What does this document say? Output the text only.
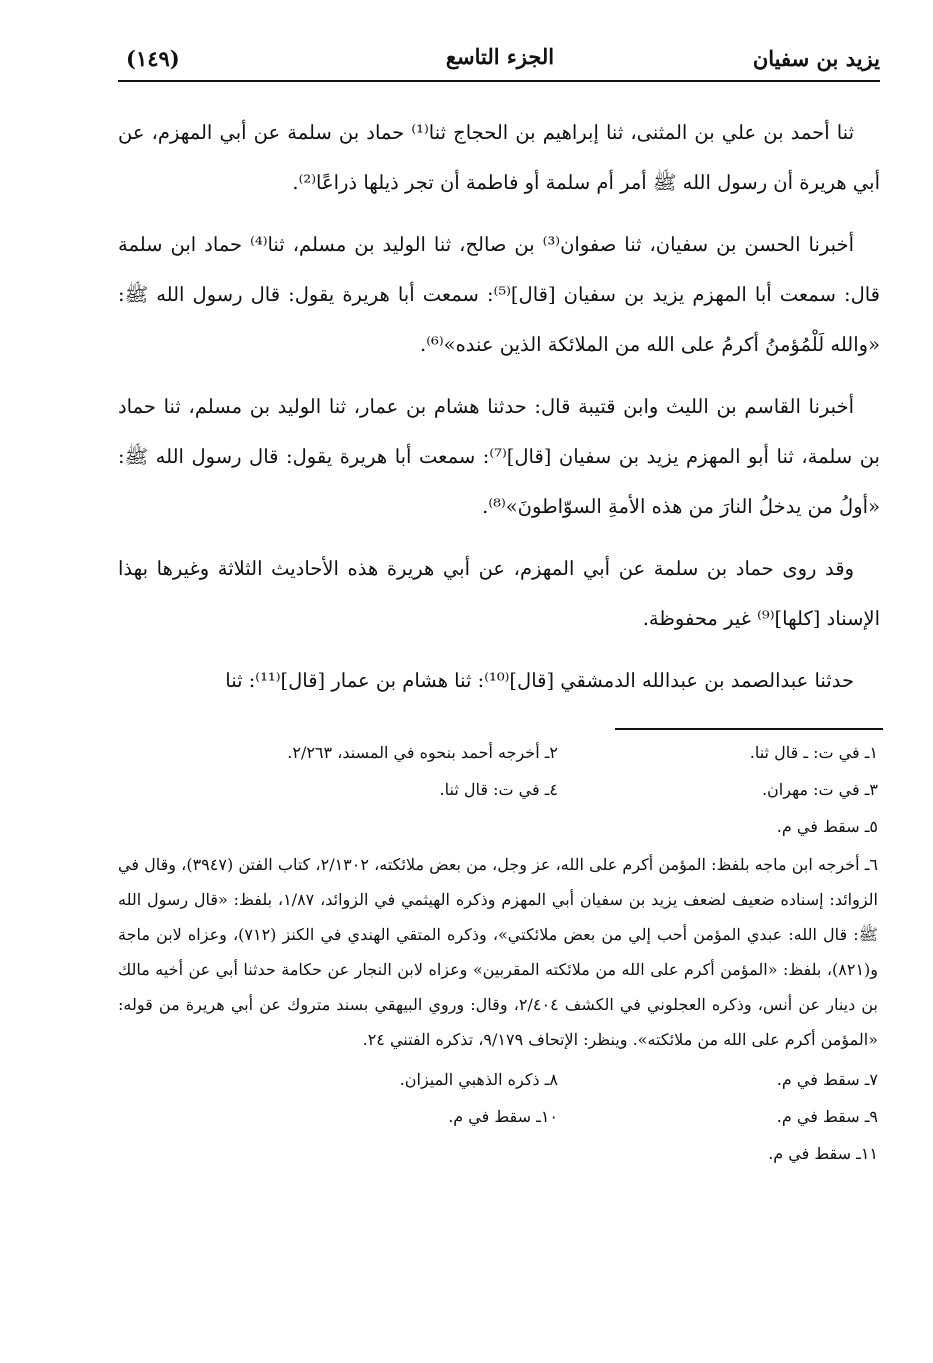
يزيد بن سفيان
الجزء التاسع
(١٤٩)

ثنا أحمد بن علي بن المثنى، ثنا إبراهيم بن الحجاج ثنا⁽¹⁾ حماد بن سلمة عن أبي المهزم، عن أبي هريرة أن رسول الله ﷺ أمر أم سلمة أو فاطمة أن تجر ذيلها ذراعًا⁽²⁾.

أخبرنا الحسن بن سفيان، ثنا صفوان⁽³⁾ بن صالح، ثنا الوليد بن مسلم، ثنا⁽⁴⁾ حماد ابن سلمة قال: سمعت أبا المهزم يزيد بن سفيان [قال]⁽⁵⁾: سمعت أبا هريرة يقول: قال رسول الله ﷺ: «والله لَلْمُؤمنُ أكرمُ على الله من الملائكة الذين عنده»⁽⁶⁾.

أخبرنا القاسم بن الليث وابن قتيبة قال: حدثنا هشام بن عمار، ثنا الوليد بن مسلم، ثنا حماد بن سلمة، ثنا أبو المهزم يزيد بن سفيان [قال]⁽⁷⁾: سمعت أبا هريرة يقول: قال رسول الله ﷺ: «أولُ من يدخلُ النارَ من هذه الأمةِ السوّاطونَ»⁽⁸⁾.

وقد روى حماد بن سلمة عن أبي المهزم، عن أبي هريرة هذه الأحاديث الثلاثة وغيرها بهذا الإسناد [كلها]⁽⁹⁾ غير محفوظة.

حدثنا عبدالصمد بن عبدالله الدمشقي [قال]⁽¹⁰⁾: ثنا هشام بن عمار [قال]⁽¹¹⁾: ثنا

١ـ في ت: ـ قال ثنا.
٢ـ أخرجه أحمد بنحوه في المسند، ٢/٢٦٣.
٣ـ في ت: مهران.
٤ـ في ت: قال ثنا.
٥ـ سقط في م.
٦ـ أخرجه ابن ماجه بلفظ: المؤمن أكرم على الله، عز وجل، من بعض ملائكته، ٢/١٣٠٢، كتاب الفتن (٣٩٤٧)، وقال في الزوائد: إسناده ضعيف لضعف يزيد بن سفيان أبي المهزم وذكره الهيثمي في الزوائد، ١/٨٧، بلفظ: «قال رسول الله ﷺ: قال الله: عبدي المؤمن أحب إلي من بعض ملائكتي»، وذكره المتقي الهندي في الكنز (٧١٢)، وعزاه لابن ماجة و(٨٢١)، بلفظ: «المؤمن أكرم على الله من ملائكته المقربين» وعزاه لابن النجار عن حكامة حدثنا أبي عن أخيه مالك بن دينار عن أنس، وذكره العجلوني في الكشف ٢/٤٠٤، وقال: وروي البيهقي بسند متروك عن أبي هريرة من قوله: «المؤمن أكرم على الله من ملائكته». وينظر: الإتحاف ٩/١٧٩، تذكره الفتني ٢٤.
٧ـ سقط في م.
٨ـ ذكره الذهبي الميزان.
٩ـ سقط في م.
١٠ـ سقط في م.
١١ـ سقط في م.
